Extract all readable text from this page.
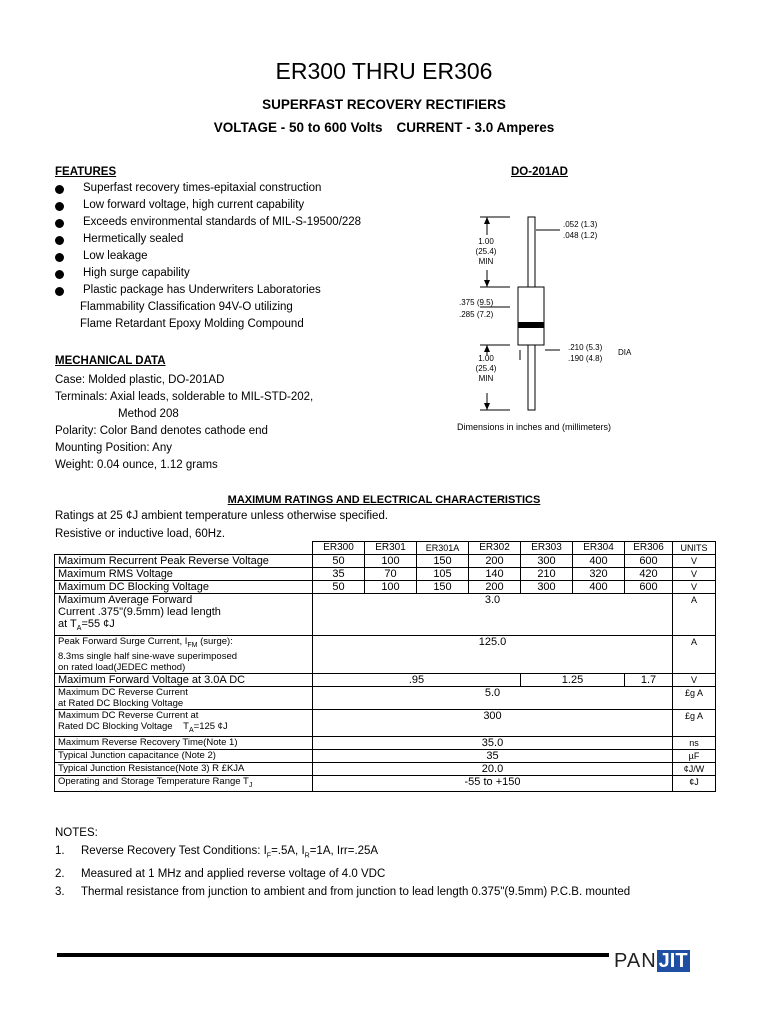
ER300 THRU ER306
SUPERFAST RECOVERY RECTIFIERS
VOLTAGE - 50 to 600 Volts CURRENT - 3.0 Amperes
FEATURES
Superfast recovery times-epitaxial construction
Low forward voltage, high current capability
Exceeds environmental standards of MIL-S-19500/228
Hermetically sealed
Low leakage
High surge capability
Plastic package has Underwriters Laboratories
Flammability Classification 94V-O utilizing
Flame Retardant Epoxy Molding Compound
DO-201AD
.052 (1.3)
.048 (1.2)
1.00
(25.4)
MIN
.375 (9.5)
.285 (7.2)
.210 (5.3)
.190 (4.8)
DIA
1.00
(25.4)
MIN
Dimensions in inches and (millimeters)
MECHANICAL DATA
Case: Molded plastic, DO-201AD
Terminals: Axial leads, solderable to MIL-STD-202,
Method 208
Polarity: Color Band denotes cathode end
Mounting Position: Any
Weight: 0.04 ounce, 1.12 grams
MAXIMUM RATINGS AND ELECTRICAL CHARACTERISTICS
Ratings at 25 ¢J ambient temperature unless otherwise specified.
Resistive or inductive load, 60Hz.
	ER300	ER301	ER301A	ER302	ER303	ER304	ER306	UNITS
Maximum Recurrent Peak Reverse Voltage	50	100	150	200	300	400	600	V
Maximum RMS Voltage	35	70	105	140	210	320	420	V
Maximum DC Blocking Voltage	50	100	150	200	300	400	600	V

Maximum Average Forward
Current .375"(9.5mm) lead length
at $T_A=55$ ¢J	3.0							A

Peak Forward Surge Current, $I_{FM}$ (surge):
8.3ms single half sine-wave superimposed
on rated load(JEDEC method)	125.0							A
Maximum Forward Voltage at 3.0A DC	.95				1.25		1.7	V

Maximum DC Reverse Current
at Rated DC Blocking Voltage	5.0							£g A

Maximum DC Reverse Current at
Rated DC Blocking Voltage $T_A=125$ ¢J	300							£g A
Maximum Reverse Recovery Time(Note 1)	35.0							ns
Typical Junction capacitance (Note 2)	35							µF
Typical Junction Resistance(Note 3) R £KJA	20.0							¢J/W
Operating and Storage Temperature Range $T_J$	-55 to +150							¢J
NOTES:
1. Reverse Recovery Test Conditions: $I_F=.5A$, $I_R=1A$, Irr=.25A
2. Measured at 1 MHz and applied reverse voltage of 4.0 VDC
3. Thermal resistance from junction to ambient and from junction to lead length 0.375"(9.5mm) P.C.B. mounted
PAN JIT
